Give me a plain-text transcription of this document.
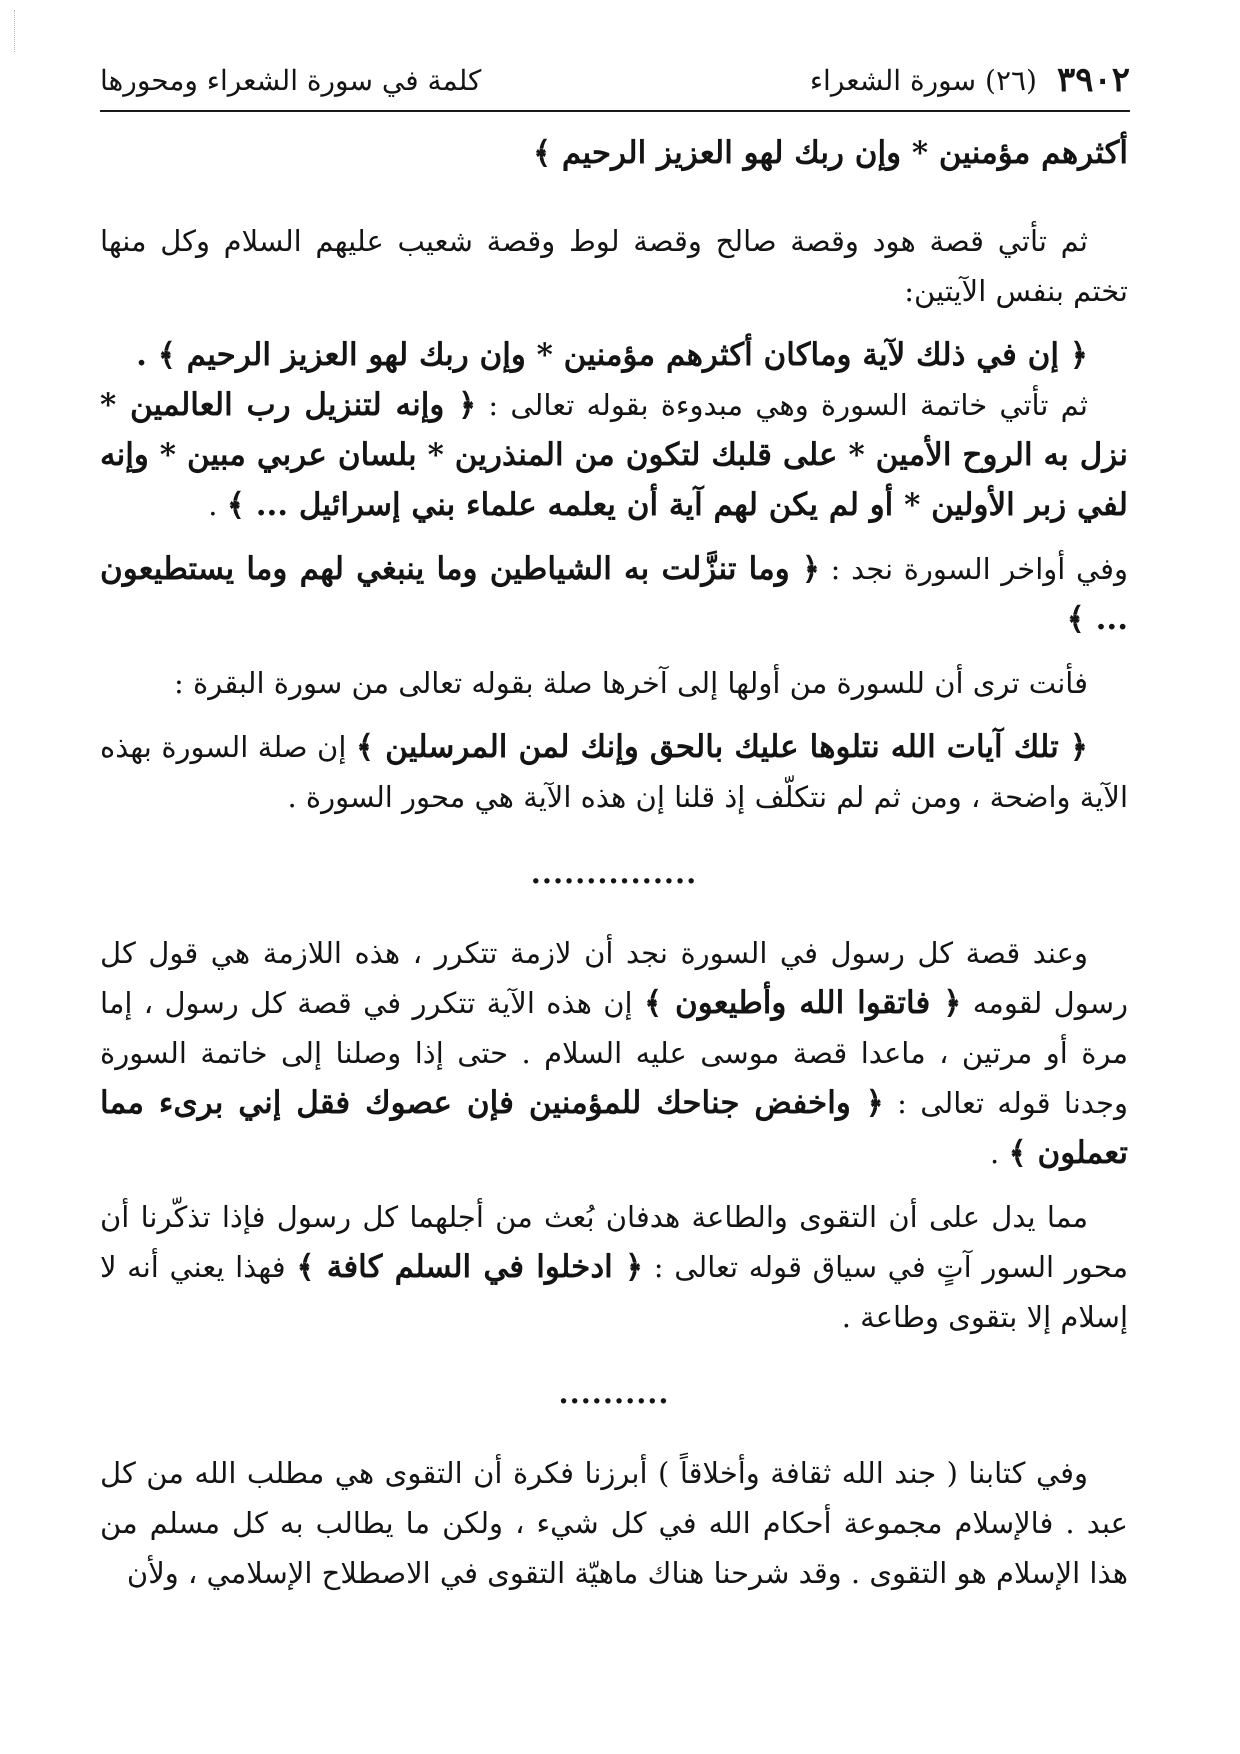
٣٩٠٢
(٢٦) سورة الشعراء
كلمة في سورة الشعراء ومحورها

أكثرهم مؤمنين * وإن ربك لهو العزيز الرحيم ﴾

ثم تأتي قصة هود وقصة صالح وقصة لوط وقصة شعيب عليهم السلام وكل منها تختم بنفس الآيتين:

﴿ إن في ذلك لآية وماكان أكثرهم مؤمنين * وإن ربك لهو العزيز الرحيم ﴾ .

ثم تأتي خاتمة السورة وهي مبدوءة بقوله تعالى : ﴿ وإنه لتنزيل رب العالمين * نزل به الروح الأمين * على قلبك لتكون من المنذرين * بلسان عربي مبين * وإنه لفي زبر الأولين * أو لم يكن لهم آية أن يعلمه علماء بني إسرائيل ... ﴾ .

وفي أواخر السورة نجد : ﴿ وما تنزَّلت به الشياطين وما ينبغي لهم وما يستطيعون ... ﴾

فأنت ترى أن للسورة من أولها إلى آخرها صلة بقوله تعالى من سورة البقرة :

﴿ تلك آيات الله نتلوها عليك بالحق وإنك لمن المرسلين ﴾ إن صلة السورة بهذه الآية واضحة ، ومن ثم لم نتكلّف إذ قلنا إن هذه الآية هي محور السورة .

...............

وعند قصة كل رسول في السورة نجد أن لازمة تتكرر ، هذه اللازمة هي قول كل رسول لقومه ﴿ فاتقوا الله وأطيعون ﴾ إن هذه الآية تتكرر في قصة كل رسول ، إما مرة أو مرتين ، ماعدا قصة موسى عليه السلام . حتى إذا وصلنا إلى خاتمة السورة وجدنا قوله تعالى : ﴿ واخفض جناحك للمؤمنين فإن عصوك فقل إني برىء مما تعملون ﴾ .

مما يدل على أن التقوى والطاعة هدفان بُعث من أجلهما كل رسول فإذا تذكّرنا أن محور السور آتٍ في سياق قوله تعالى : ﴿ ادخلوا في السلم كافة ﴾ فهذا يعني أنه لا إسلام إلا بتقوى وطاعة .

..........

وفي كتابنا ( جند الله ثقافة وأخلاقاً ) أبرزنا فكرة أن التقوى هي مطلب الله من كل عبد . فالإسلام مجموعة أحكام الله في كل شيء ، ولكن ما يطالب به كل مسلم من هذا الإسلام هو التقوى . وقد شرحنا هناك ماهيّة التقوى في الاصطلاح الإسلامي ، ولأن
